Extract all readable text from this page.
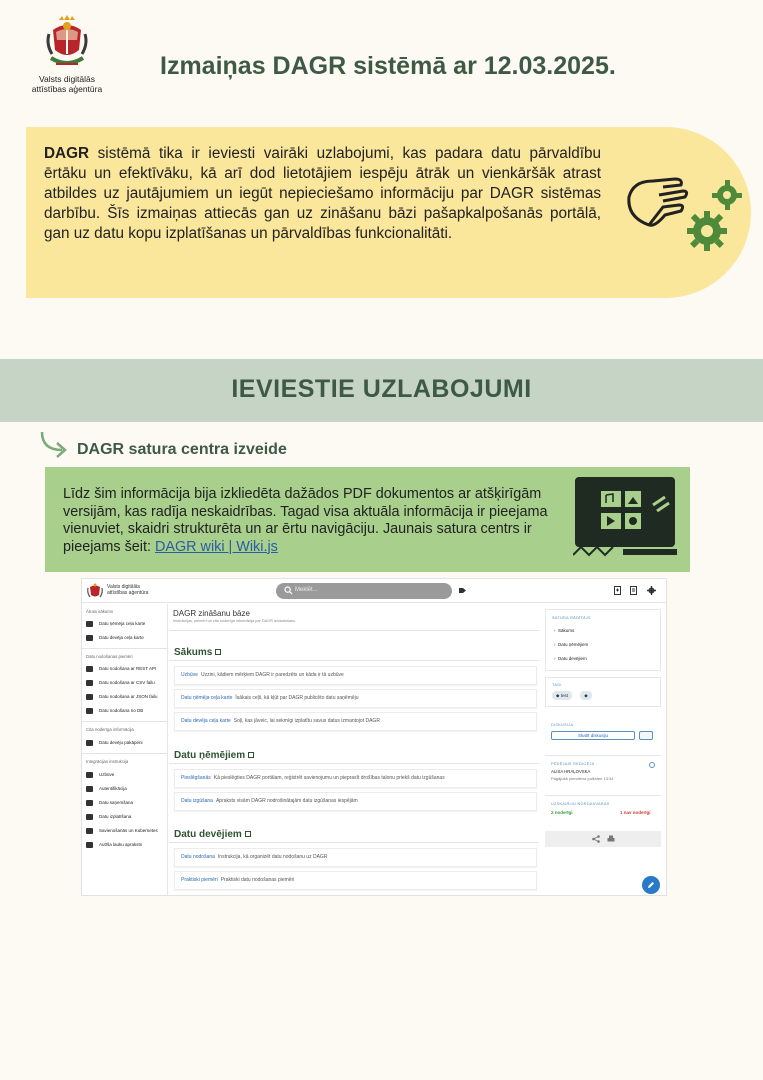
Valsts digitālās
attīstības aģentūra
Izmaiņas DAGR sistēmā ar 12.03.2025.

DAGR sistēmā tika ir ieviesti vairāki uzlabojumi, kas padara datu pārvaldību ērtāku un efektīvāku, kā arī dod lietotājiem iespēju ātrāk un vienkāršāk atrast atbildes uz jautājumiem un iegūt nepieciešamo informāciju par DAGR sistēmas darbību. Šīs izmaiņas attiecās gan uz zināšanu bāzi pašapkalpošanās portālā, gan uz datu kopu izplatīšanas un pārvaldības funkcionalitāti.

IEVIESTIE UZLABOJUMI
DAGR satura centra izveide

Līdz šim informācija bija izkliedēta dažādos PDF dokumentos ar atšķirīgām versijām, kas radīja neskaidrības. Tagad visa aktuāla informācija ir pieejama vienuviet, skaidri strukturēta un ar ērtu navigāciju. Jaunais satura centrs ir pieejams šeit: DAGR wiki | Wiki.js

Valsts digitālās
attīstības aģentūra	Meklēt...
Ātrais sākums
Datu ņēmēja ceļa karte
Datu devēja ceļa karte
Datu nodošanas piemēri
Datu nodošana ar REST API
Datu nodošana ar CSV failu
Datu nodošana ar JSON failu
Datu nodošana no DB
Cita noderīga informācija
Datu devēju pakāpeni
Integrācijas instrukcija
Uzbūve
Autentifikācija
Datu saņemšana
Datu izplatīšana
Savienošanās un Kubernetes
Autīša lauku apraksts
DAGR zināšanu bāze
Instrukcijas, piemēri un cita noderīga informācija par DAGR izmantošanu
Sākums
Uzbūve Uzzini, kādiem mērķiem DAGR ir paredzēts un kāda ir tā uzbūve
Datu ņēmēja ceļa karte Īsākais ceļš, kā kļūt par DAGR publicēto datu saņēmēju
Datu devēja ceļa karte Soļi, kas jāveic, lai sekmīgi izplatītu savus datus izmantojot DAGR
Datu ņēmējiem
Pieslēgšanās Kā pieslēgties DAGR portālam, reģistrēt savienojumu un pieprasīt drošības talonu priekš datu izgūšanas
Datu izgūšana Apraksts visām DAGR nodrošinātajām datu izgūšanas iespējām
Datu devējiem
Datu nodošana Instrukcija, kā organizēt datu nodošanu uz DAGR
Praktiski piemēri Praktiski datu nodošanas piemēri
SATURA RĀDĪTĀJS
›  Sākums
›  Datu ņēmējiem
›  Datu devējiem
TAGI
◆ test	◆
DISKUSIJA
Skatīt diskusiju
PĒDĒJAIS REDIĢĒJA
ALISA HRAĻOVSKA
Pagājušā pirmdiena pulksten 13:34
UZSKAIRIJU NORDAKVARAS
2 noderīgi	1 nav noderīgi
